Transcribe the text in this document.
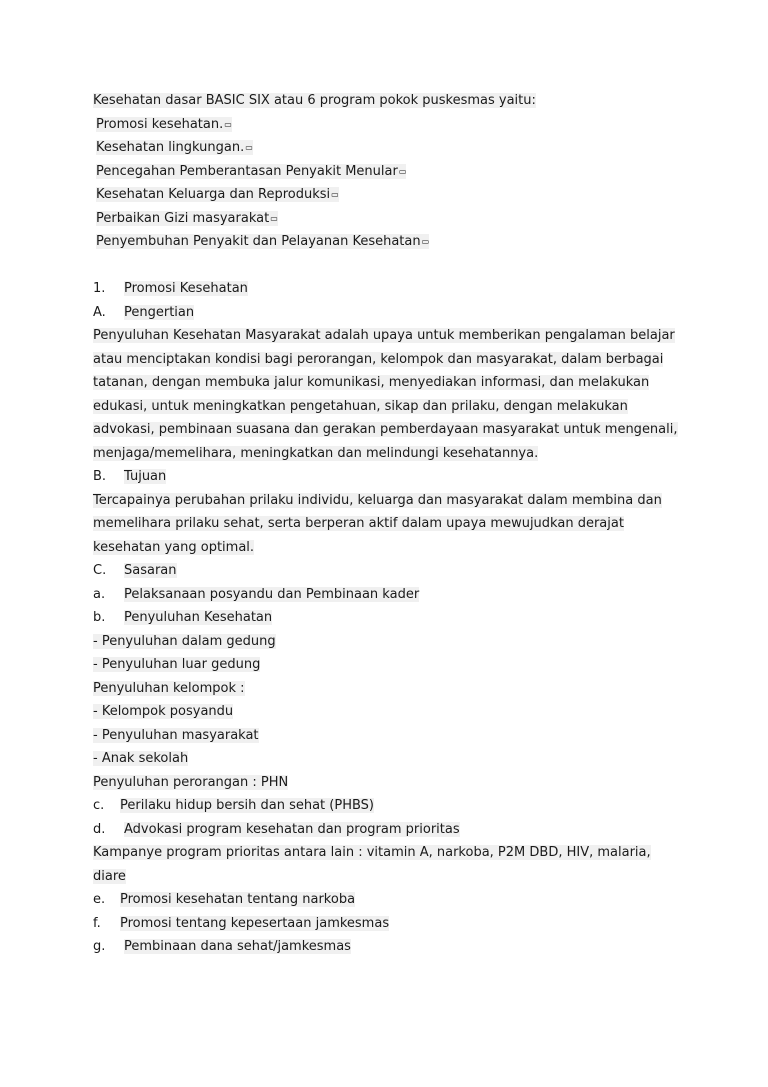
Kesehatan dasar BASIC SIX atau 6 program pokok puskesmas yaitu:
Promosi kesehatan.▭
Kesehatan lingkungan.▭
Pencegahan Pemberantasan Penyakit Menular▭
Kesehatan Keluarga dan Reproduksi▭
Perbaikan Gizi masyarakat▭
Penyembuhan Penyakit dan Pelayanan Kesehatan▭
1. Promosi Kesehatan
A. Pengertian
Penyuluhan Kesehatan Masyarakat adalah upaya untuk memberikan pengalaman belajar
atau menciptakan kondisi bagi perorangan, kelompok dan masyarakat, dalam berbagai
tatanan, dengan membuka jalur komunikasi, menyediakan informasi, dan melakukan
edukasi, untuk meningkatkan pengetahuan, sikap dan prilaku, dengan melakukan
advokasi, pembinaan suasana dan gerakan pemberdayaan masyarakat untuk mengenali,
menjaga/memelihara, meningkatkan dan melindungi kesehatannya.
B. Tujuan
Tercapainya perubahan prilaku individu, keluarga dan masyarakat dalam membina dan
memelihara prilaku sehat, serta berperan aktif dalam upaya mewujudkan derajat
kesehatan yang optimal.
C. Sasaran
a. Pelaksanaan posyandu dan Pembinaan kader
b. Penyuluhan Kesehatan
- Penyuluhan dalam gedung
- Penyuluhan luar gedung
Penyuluhan kelompok :
- Kelompok posyandu
- Penyuluhan masyarakat
- Anak sekolah
Penyuluhan perorangan : PHN
c. Perilaku hidup bersih dan sehat (PHBS)
d. Advokasi program kesehatan dan program prioritas
Kampanye program prioritas antara lain : vitamin A, narkoba, P2M DBD, HIV, malaria,
diare
e. Promosi kesehatan tentang narkoba
f. Promosi tentang kepesertaan jamkesmas
g. Pembinaan dana sehat/jamkesmas
